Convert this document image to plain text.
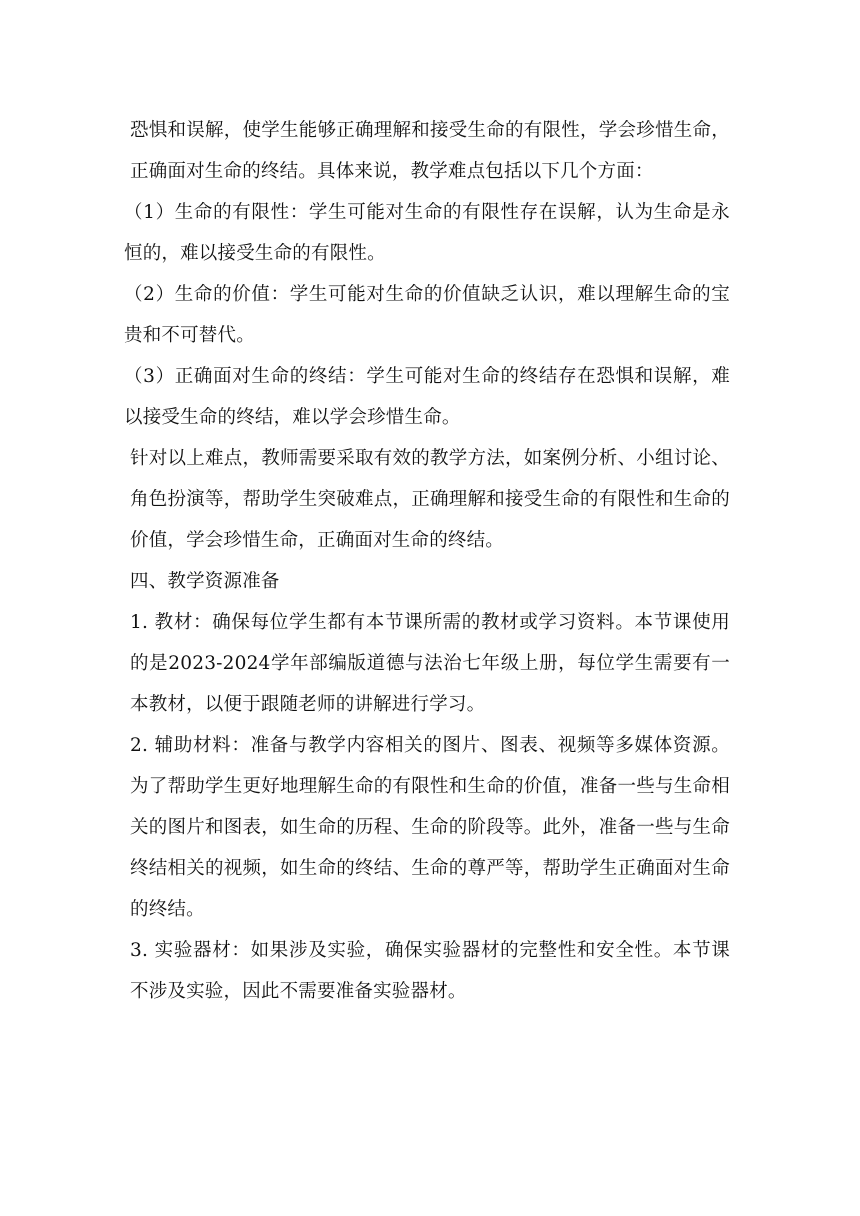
恐惧和误解，使学生能够正确理解和接受生命的有限性，学会珍惜生命，正确面对生命的终结。具体来说，教学难点包括以下几个方面：

（1）生命的有限性：学生可能对生命的有限性存在误解，认为生命是永恒的，难以接受生命的有限性。

（2）生命的价值：学生可能对生命的价值缺乏认识，难以理解生命的宝贵和不可替代。

（3）正确面对生命的终结：学生可能对生命的终结存在恐惧和误解，难以接受生命的终结，难以学会珍惜生命。

针对以上难点，教师需要采取有效的教学方法，如案例分析、小组讨论、角色扮演等，帮助学生突破难点，正确理解和接受生命的有限性和生命的价值，学会珍惜生命，正确面对生命的终结。

四、教学资源准备

1. 教材：确保每位学生都有本节课所需的教材或学习资料。本节课使用的是2023-2024学年部编版道德与法治七年级上册，每位学生需要有一本教材，以便于跟随老师的讲解进行学习。

2. 辅助材料：准备与教学内容相关的图片、图表、视频等多媒体资源。为了帮助学生更好地理解生命的有限性和生命的价值，准备一些与生命相关的图片和图表，如生命的历程、生命的阶段等。此外，准备一些与生命终结相关的视频，如生命的终结、生命的尊严等，帮助学生正确面对生命的终结。

3. 实验器材：如果涉及实验，确保实验器材的完整性和安全性。本节课不涉及实验，因此不需要准备实验器材。
